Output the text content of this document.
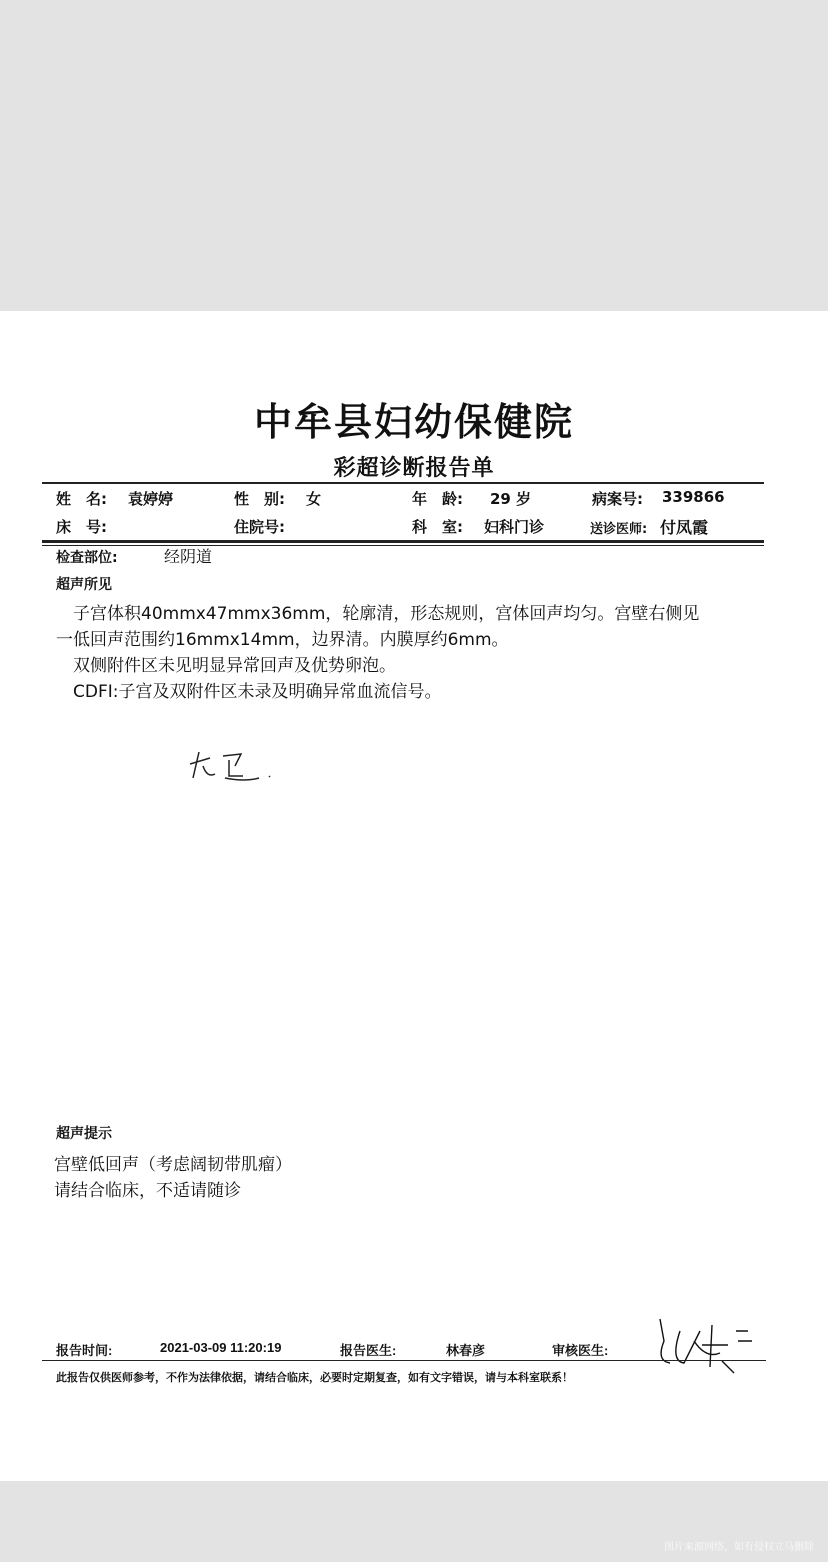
中牟县妇幼保健院
彩超诊断报告单
姓　名: 袁婷婷	性　别: 女	年　龄: 29 岁	病案号: 339866
床　号:	住院号:	科　室: 妇科门诊	送诊医师: 付凤霞
检查部位:	经阴道
超声所见
　子宫体积40mmx47mmx36mm，轮廓清，形态规则，宫体回声均匀。宫壁右侧见
一低回声范围约16mmx14mm，边界清。内膜厚约6mm。
　双侧附件区未见明显异常回声及优势卵泡。
　CDFI:子宫及双附件区未录及明确异常血流信号。
超声提示
宫壁低回声（考虑阔韧带肌瘤）
请结合临床，不适请随诊
报告时间:	2021-03-09 11:20:19	报告医生:	林春彦	审核医生:
此报告仅供医师参考，不作为法律依据，请结合临床，必要时定期复查，如有文字错误，请与本科室联系！
图片来源网络，如有侵权立马删除
